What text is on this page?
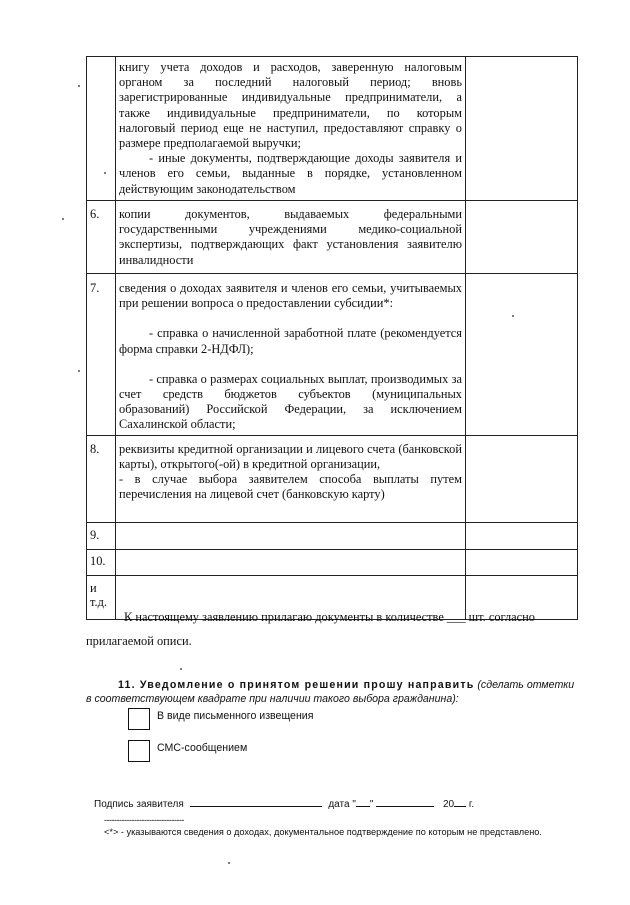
	книгу учета доходов и расходов, заверенную налоговым органом за последний налоговый период; вновь зарегистрированные индивидуальные предприниматели, а также индивидуальные предприниматели, по которым налоговый период еще не наступил, предоставляют справку о размере предполагаемой выручки;

- иные документы, подтверждающие доходы заявителя и членов его семьи, выданные в порядке, установленном действующим законодательством	

6.	копии документов, выдаваемых федеральными государственными учреждениями медико-социальной экспертизы, подтверждающих факт установления заявителю инвалидности	

7.	сведения о доходах заявителя и членов его семьи, учитываемых при решении вопроса о предоставлении субсидии*:

- справка о начисленной заработной плате (рекомендуется форма справки 2-НДФЛ);

- справка о размерах социальных выплат, производимых за счет средств бюджетов субъектов (муниципальных образований) Российской Федерации, за исключением Сахалинской области;	

8.	реквизиты кредитной организации и лицевого счета (банковской карты), открытого(-ой) в кредитной организации,

- в случае выбора заявителем способа выплаты путем перечисления на лицевой счет (банковскую карту)	

9.		
10.		

и
т.д.		

К настоящему заявлению прилагаю документы в количестве ___ шт. согласно
прилагаемой описи.
11. Уведомление о принятом решении прошу направить (сделать отметки в соответствующем квадрате при наличии такого выбора гражданина):
В виде письменного извещения
СМС-сообщением
Подпись заявителя	дата " "	20 г.
--------------------------------
<*> - указываются сведения о доходах, документальное подтверждение по которым не представлено.
